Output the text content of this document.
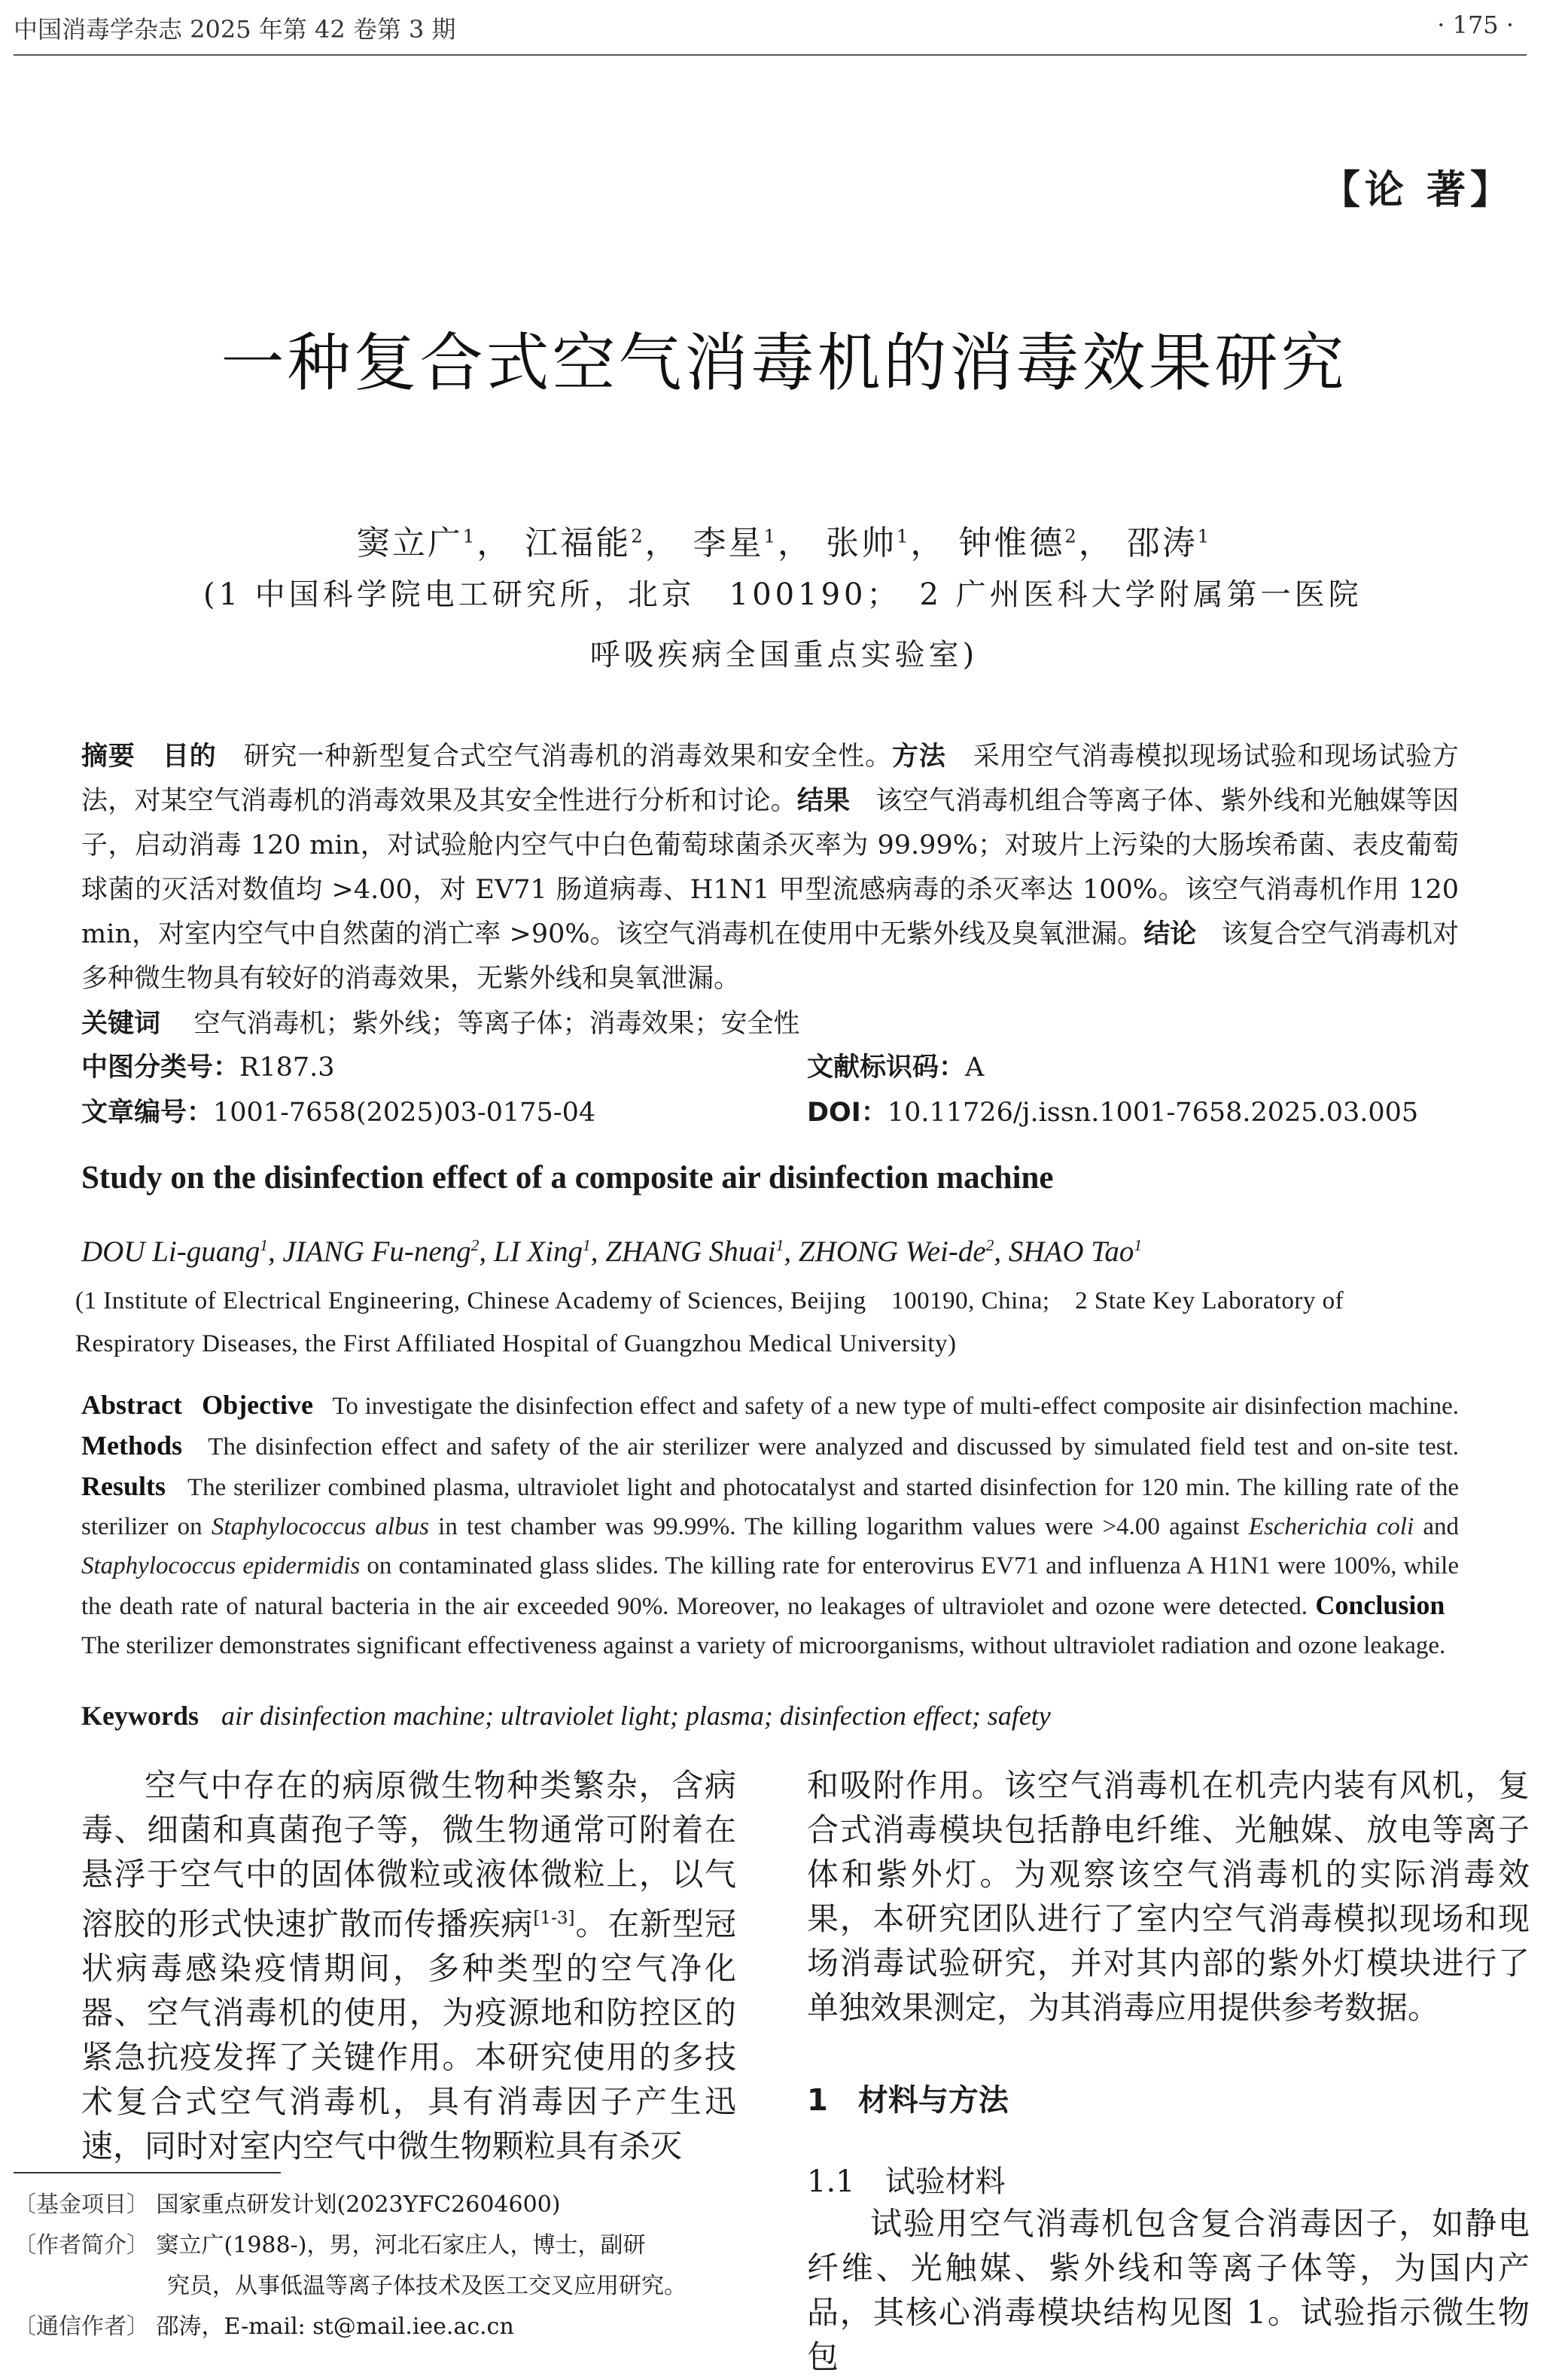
中国消毒学杂志 2025 年第 42 卷第 3 期	· 175 ·
【论 著】
一种复合式空气消毒机的消毒效果研究
窦立广$^1$， 江福能$^2$， 李星$^1$， 张帅$^1$， 钟惟德$^2$， 邵涛$^1$
(1 中国科学院电工研究所，北京　100190；　2 广州医科大学附属第一医院
呼吸疾病全国重点实验室)
摘要 目的 研究一种新型复合式空气消毒机的消毒效果和安全性。方法 采用空气消毒模拟现场试验和现场试验方法，对某空气消毒机的消毒效果及其安全性进行分析和讨论。结果 该空气消毒机组合等离子体、紫外线和光触媒等因子，启动消毒 120 min，对试验舱内空气中白色葡萄球菌杀灭率为 99.99%；对玻片上污染的大肠埃希菌、表皮葡萄球菌的灭活对数值均 >4.00，对 EV71 肠道病毒、H1N1 甲型流感病毒的杀灭率达 100%。该空气消毒机作用 120 min，对室内空气中自然菌的消亡率 >90%。该空气消毒机在使用中无紫外线及臭氧泄漏。结论 该复合空气消毒机对多种微生物具有较好的消毒效果，无紫外线和臭氧泄漏。
关键词 空气消毒机；紫外线；等离子体；消毒效果；安全性
中图分类号：R187.3	文献标识码：A
文章编号：1001-7658(2025)03-0175-04	DOI：10.11726/j.issn.1001-7658.2025.03.005
Study on the disinfection effect of a composite air disinfection machine
DOU Li-guang$^1$, JIANG Fu-neng$^2$, LI Xing$^1$, ZHANG Shuai$^1$, ZHONG Wei-$de^2$, SHAO Tao$^1$
(1 Institute of Electrical Engineering, Chinese Academy of Sciences, Beijing　100190, China;　2 State Key Laboratory of Respiratory Diseases, the First Affiliated Hospital of Guangzhou Medical University)
Abstract Objective To investigate the disinfection effect and safety of a new type of multi-effect composite air disinfection machine. Methods The disinfection effect and safety of the air sterilizer were analyzed and discussed by simulated field test and on-site test. Results The sterilizer combined plasma, ultraviolet light and photocatalyst and started disinfection for 120 min. The killing rate of the sterilizer on Staphylococcus albus in test chamber was 99.99%. The killing logarithm values were >4.00 against Escherichia coli and Staphylococcus epidermidis on contaminated glass slides. The killing rate for enterovirus EV71 and influenza A H1N1 were 100%, while the death rate of natural bacteria in the air exceeded 90%. Moreover, no leakages of ultraviolet and ozone were detected. Conclusion   The sterilizer demonstrates significant effectiveness against a variety of microorganisms, without ultraviolet radiation and ozone leakage.
Keywords air disinfection machine; ultraviolet light; plasma; disinfection effect; safety
空气中存在的病原微生物种类繁杂，含病毒、细菌和真菌孢子等，微生物通常可附着在悬浮于空气中的固体微粒或液体微粒上，以气溶胶的形式快速扩散而传播疾病[1-3]。在新型冠状病毒感染疫情期间，多种类型的空气净化器、空气消毒机的使用，为疫源地和防控区的紧急抗疫发挥了关键作用。本研究使用的多技术复合式空气消毒机，具有消毒因子产生迅速，同时对室内空气中微生物颗粒具有杀灭
和吸附作用。该空气消毒机在机壳内装有风机，复合式消毒模块包括静电纤维、光触媒、放电等离子体和紫外灯。为观察该空气消毒机的实际消毒效果，本研究团队进行了室内空气消毒模拟现场和现场消毒试验研究，并对其内部的紫外灯模块进行了单独效果测定，为其消毒应用提供参考数据。
1　材料与方法
1.1　试验材料
试验用空气消毒机包含复合消毒因子，如静电纤维、光触媒、紫外线和等离子体等，为国内产品，其核心消毒模块结构见图 1。试验指示微生物包
〔基金项目〕 国家重点研发计划(2023YFC2604600)
〔作者简介〕 窦立广(1988-)，男，河北石家庄人，博士，副研
究员，从事低温等离子体技术及医工交叉应用研究。
〔通信作者〕 邵涛，E-mail: st@mail.iee.ac.cn
